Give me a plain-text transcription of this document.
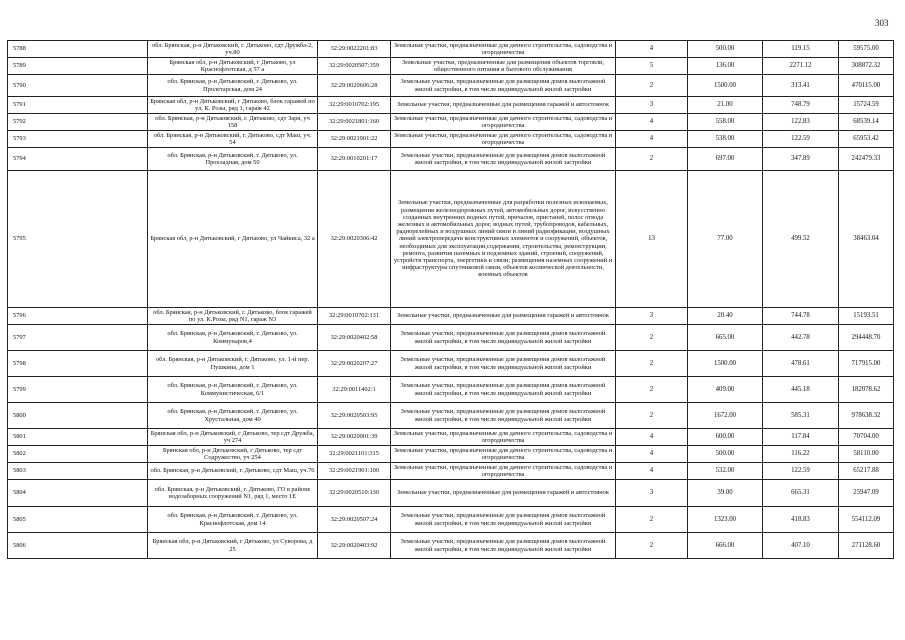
303
5788	обл. Брянская, р-н Дятьковский, г. Дятьково, сдт Дружба-2, уч.80	32:29:0022201:83	Земельные участки, предназначенные для дачного строительства, садоводства и огородничества	4	500.00	119.15	59575.00
5789	Брянская обл, р-н Дятьковский, г Дятьково, ул Краснофлотская, д 57 а	32:29:0020507:359	Земельные участки, предназначенные для размещения объектов торговли, общественного питания и бытового обслуживания	5	136.00	2271.12	308872.32
5790	обл. Брянская, р-н Дятьковский, г. Дятьково, ул. Пролетарская, дом 24	32:29:0020606:28	Земельные участки, предназначенные для размещения домов малоэтажной жилой застройки, в том числе индивидуальной жилой застройки	2	1500.00	313.41	470115.00
5791	Брянская обл, р-н Дятьковский, г Дятьково, блок гаражей по ул. К. Розы, ряд 1, гараж 42	32:29:0010702:195	Земельные участки, предназначенные для размещения гаражей и автостоянок	3	21.00	748.79	15724.59
5792	обл. Брянская, р-н Дятьковский, г. Дятьково, сдт Заря, уч 158	32:29:0021801:160	Земельные участки, предназначенные для дачного строительства, садоводства и огородничества	4	558.00	122.83	68539.14
5793	обл. Брянская, р-н Дятьковский, г. Дятьково, сдт Маш, уч. 54	32:29:0021901:22	Земельные участки, предназначенные для дачного строительства, садоводства и огородничества	4	538.00	122.59	65953.42
5794	обл. Брянская, р-н Дятьковский, г. Дятьково, ул. Прохладная, дом 50	32:29:0010201:17	Земельные участки, предназначенные для размещения домов малоэтажной жилой застройки, в том числе индивидуальной жилой застройки	2	697.00	347.89	242479.33
5795	Брянская обл, р-н Дятьковский, г Дятьково, ул Чайкиса, 32 а	32:29:0020306:42	Земельные участки, предназначенные для разработки полезных ископаемых, размещения железнодорожных путей, автомобильных дорог, искусственно созданных внутренних водных путей, причалов, пристаней, полос отвода железных и автомобильных дорог, водных путей, трубопроводов, кабельных, радиорелейных и воздушных линий связи и линий радиофикации, воздушных линий электропередачи конструктивных элементов и сооружений, объектов, необходимых для эксплуатации,содержания, строительства, реконструкции, ремонта, развития наземных и подземных зданий, строений, сооружений, устройств транспорта, энергетики и связи; размещения наземных сооружений и инфраструктуры спутниковой связи, объектов космической деятельности, военных объектов	13	77.00	499.52	38463.04
5796	обл. Брянская, р-н Дятьковский, г. Дятьково, блок гаражей по ул. К.Розы, ряд N1, гараж N3	32:29:0010702:131	Земельные участки, предназначенные для размещения гаражей и автостоянок	3	20.40	744.78	15193.51
5797	обл. Брянская, р-н Дятьковский, г. Дятьково, ул. Коммунаров,4	32:29:0020402:58	Земельные участки, предназначенные для размещения домов малоэтажной жилой застройки, в том числе индивидуальной жилой застройки	2	665.00	442.78	294448.70
5798	обл. Брянская, р-н Дятьковский, г. Дятьково, ул. 1-й пер. Пушкина, дом 1	32:29:0020207:27	Земельные участки, предназначенные для размещения домов малоэтажной жилой застройки, в том числе индивидуальной жилой застройки	2	1500.00	478.61	717915.00
5799	обл. Брянская, р-н Дятьковский, г. Дятьково, ул. Коммунистическая, 6/1	32:29:0011402:1	Земельные участки, предназначенные для размещения домов малоэтажной жилой застройки, в том числе индивидуальной жилой застройки	2	409.00	445.18	182078.62
5800	обл. Брянская, р-н Дятьковский, г. Дятьково, ул. Хрустальная, дом 40	32:29:0020503:95	Земельные участки, предназначенные для размещения домов малоэтажной жилой застройки, в том числе индивидуальной жилой застройки	2	1672.00	585.31	978638.32
5801	Брянская обл, р-н Дятьковский, г Дятьково, тер сдт Дружба, уч 274	32:29:0020901:39	Земельные участки, предназначенные для дачного строительства, садоводства и огородничества	4	600.00	117.84	70704.00
5802	Брянская обл, р-н Дятьковский, г Дятьково, тер сдт Содружество, уч 254	32:29:0021101:315	Земельные участки, предназначенные для дачного строительства, садоводства и огородничества	4	500.00	116.22	58110.00
5803	обл. Брянская, р-н Дятьковский, г. Дятьково, сдт Маш, уч.76	32:29:0021901:100	Земельные участки, предназначенные для дачного строительства, садоводства и огородничества	4	532.00	122.59	65217.88
5804	обл. Брянская, р-н Дятьковский, г. Дятьково, ГО в районе водозаборных сооружений N1, ряд 1, место 1Е	32:29:0020510:130	Земельные участки, предназначенные для размещения гаражей и автостоянок	3	39.00	665.31	25947.09
5805	обл. Брянская, р-н Дятьковский, г. Дятьково, ул. Краснофлотская, дом 14	32:29:0020507:24	Земельные участки, предназначенные для размещения домов малоэтажной жилой застройки, в том числе индивидуальной жилой застройки	2	1323.00	418.83	554112.09
5806	Брянская обл, р-н Дятьковский, г Дятьково, ул Суворова, д 25	32:29:0020403:92	Земельные участки, предназначенные для размещения домов малоэтажной жилой застройки, в том числе индивидуальной жилой застройки	2	666.00	407.10	271128.60
